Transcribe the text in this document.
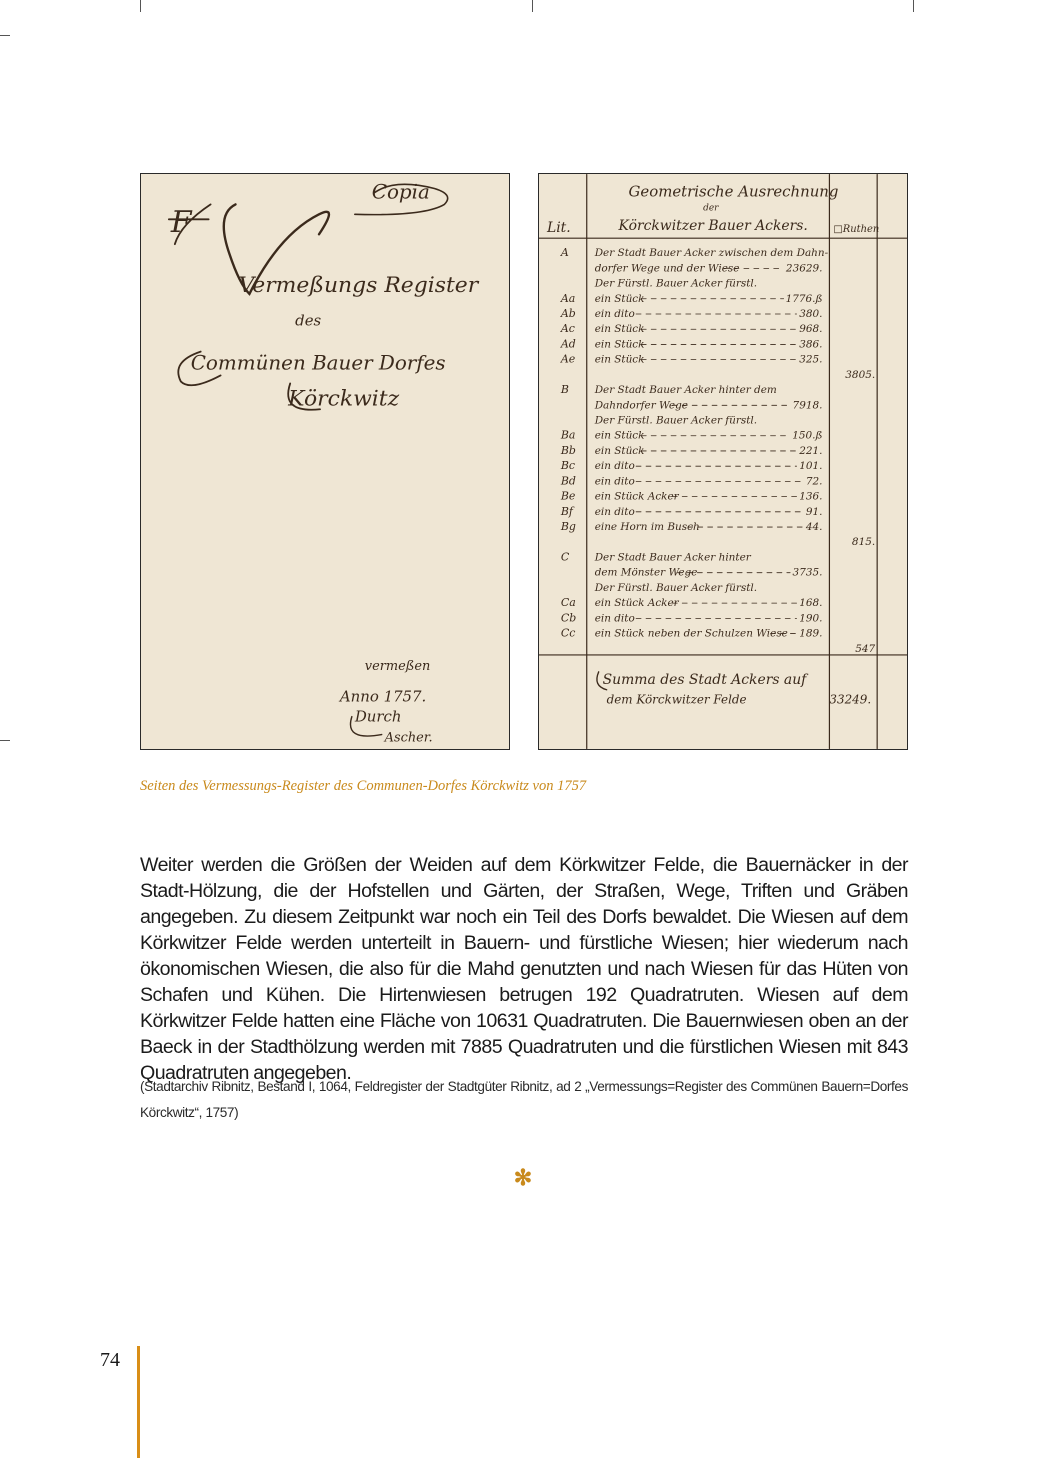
Copia
F
Vermeßungs Register
des
Commünen Bauer Dorfes
Körckwitz
vermeßen
Anno 1757.
Durch
Ascher.
Geometrische Ausrechnung
der
Körckwitzer Bauer Ackers.
Lit.	□Ruthen
A Der Stadt Bauer Acker zwischen dem Dahn-
dorfer Wege und der Wiese	23629.
Der Fürstl. Bauer Acker fürstl.
Aa ein Stück	1776.ß
Ab ein dito	380.
Ac ein Stück	968.
Ad ein Stück	386.
Ae ein Stück	325.
3805.
B Der Stadt Bauer Acker hinter dem
Dahndorfer Wege	7918.
Der Fürstl. Bauer Acker fürstl.
Ba ein Stück	150.ß
Bb ein Stück	221.
Bc ein dito	101.
Bd ein dito	72.
Be ein Stück Acker	136.
Bf ein dito	91.
Bg eine Horn im Busch	44.
815.
C Der Stadt Bauer Acker hinter
dem Mönster Wege	3735.
Der Fürstl. Bauer Acker fürstl.
Ca ein Stück Acker	168.
Cb ein dito	190.
Cc ein Stück neben der Schulzen Wiese 189.
547
Summa des Stadt Ackers auf
dem Körckwitzer Felde	33249.
Seiten des Vermessungs-Register des Communen-Dorfes Körckwitz von 1757
Weiter werden die Größen der Weiden auf dem Körkwitzer Felde, die Bauernäcker in der Stadt-Hölzung, die der Hofstellen und Gärten, der Straßen, Wege, Triften und Gräben angegeben. Zu diesem Zeitpunkt war noch ein Teil des Dorfs bewaldet. Die Wiesen auf dem Körkwitzer Felde werden unterteilt in Bauern- und fürstliche Wiesen; hier wiederum nach ökonomischen Wiesen, die also für die Mahd genutzten und nach Wiesen für das Hüten von Schafen und Kühen. Die Hirtenwiesen betrugen 192 Quadratruten. Wiesen auf dem Körkwitzer Felde hatten eine Fläche von 10631 Quadratruten. Die Bauernwiesen oben an der Baeck in der Stadthölzung werden mit 7885 Quadratruten und die fürstlichen Wiesen mit 843 Quadratruten angegeben.
(Stadtarchiv Ribnitz, Bestand I, 1064, Feldregister der Stadtgüter Ribnitz, ad 2 „Vermessungs=Register des Commünen Bauern=Dorfes Körckwitz“, 1757)
✻
74
